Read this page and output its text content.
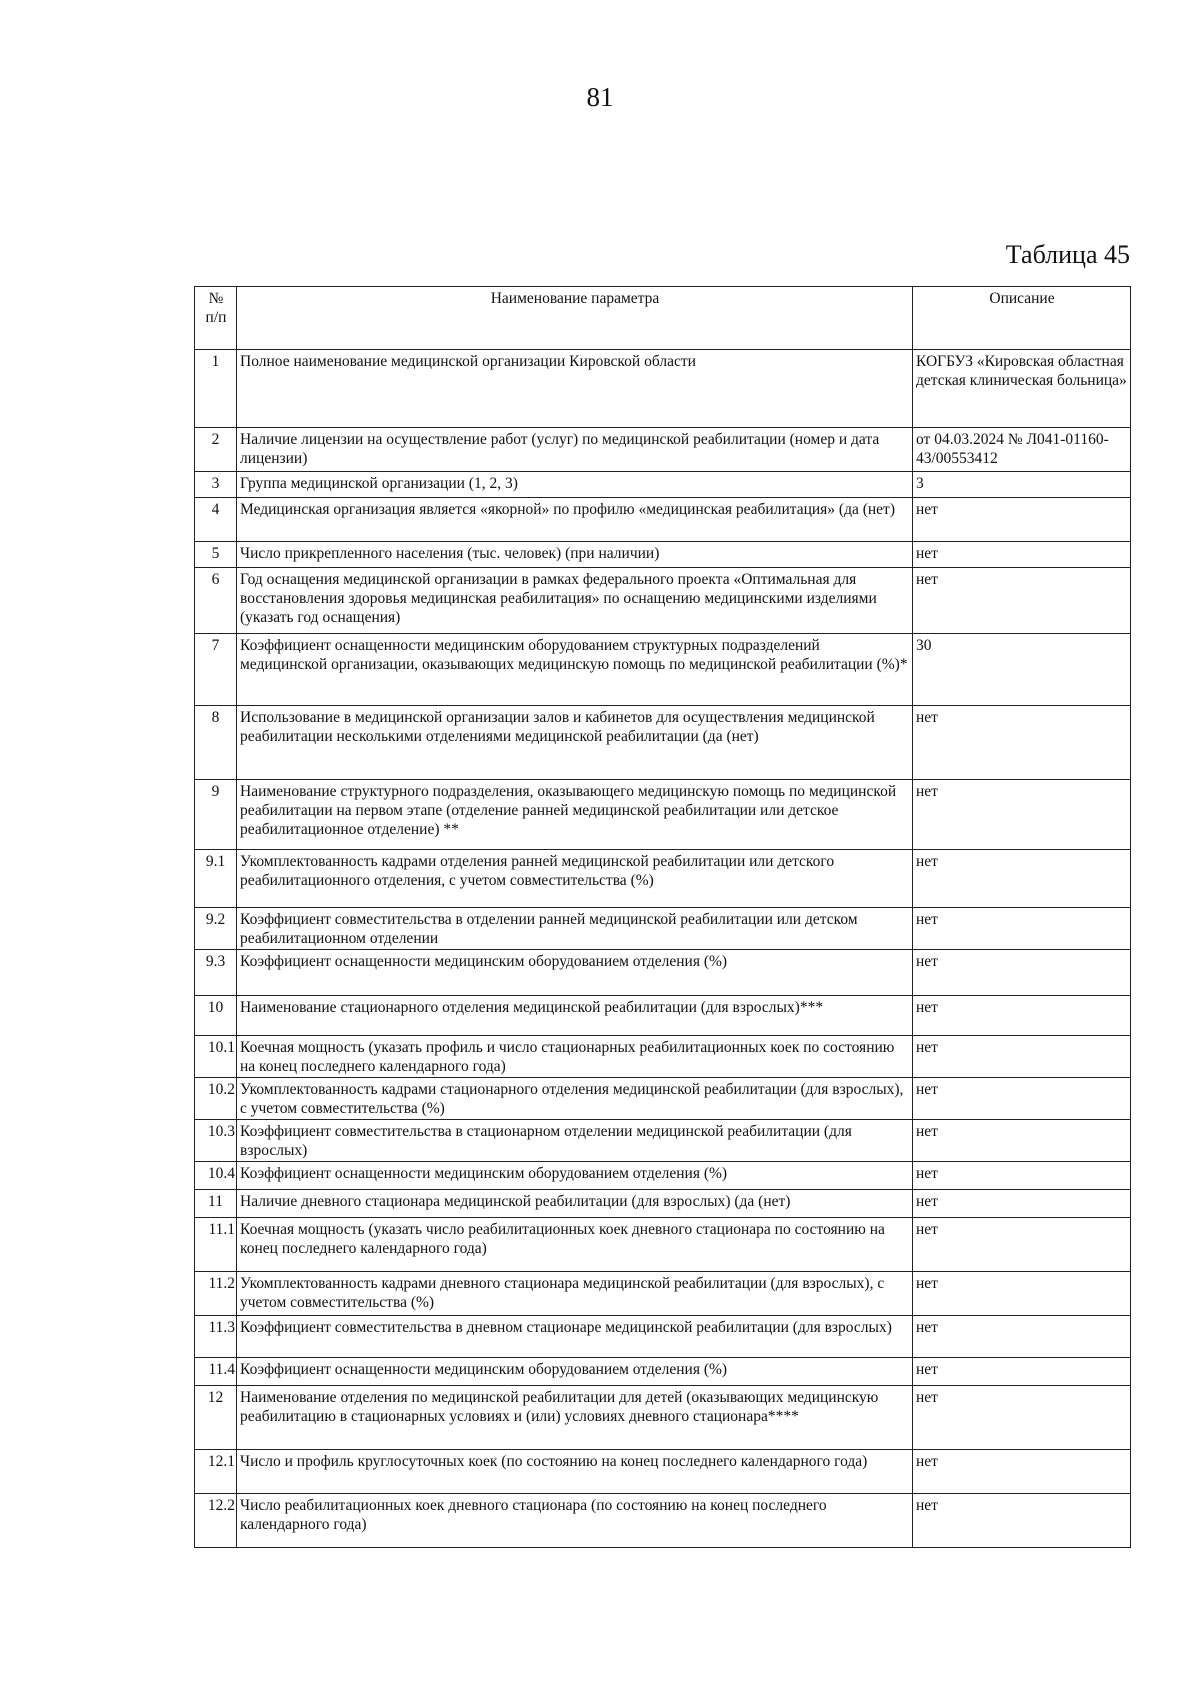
81
Таблица 45
№
п/п	Наименование параметра	Описание
1	Полное наименование медицинской организации Кировской области	КОГБУЗ «Кировская областная детская клиническая больница»
2	Наличие лицензии на осуществление работ (услуг) по медицинской реабилитации (номер и дата лицензии)	от 04.03.2024 № Л041-01160-43/00553412
3	Группа медицинской организации (1, 2, 3)	3
4	Медицинская организация является «якорной» по профилю «медицинская реабилитация» (да (нет)	нет
5	Число прикрепленного населения (тыс. человек) (при наличии)	нет
6	Год оснащения медицинской организации в рамках федерального проекта «Оптимальная для восстановления здоровья медицинская реабилитация» по оснащению медицинскими изделиями (указать год оснащения)	нет
7	Коэффициент оснащенности медицинским оборудованием структурных подразделений медицинской организации, оказывающих медицинскую помощь по медицинской реабилитации (%)*	30
8	Использование в медицинской организации залов и кабинетов для осуществления медицинской реабилитации несколькими отделениями медицинской реабилитации (да (нет)	нет
9	Наименование структурного подразделения, оказывающего медицинскую помощь по медицинской реабилитации на первом этапе (отделение ранней медицинской реабилитации или детское реабилитационное отделение) **	нет
9.1	Укомплектованность кадрами отделения ранней медицинской реабилитации или детского реабилитационного отделения, с учетом совместительства (%)	нет
9.2	Коэффициент совместительства в отделении ранней медицинской реабилитации или детском реабилитационном отделении	нет
9.3	Коэффициент оснащенности медицинским оборудованием отделения (%)	нет
10	Наименование стационарного отделения медицинской реабилитации (для взрослых)***	нет
10.1	Коечная мощность (указать профиль и число стационарных реабилитационных коек по состоянию на конец последнего календарного года)	нет
10.2	Укомплектованность кадрами стационарного отделения медицинской реабилитации (для взрослых), с учетом совместительства (%)	нет
10.3	Коэффициент совместительства в стационарном отделении медицинской реабилитации (для взрослых)	нет
10.4	Коэффициент оснащенности медицинским оборудованием отделения (%)	нет
11	Наличие дневного стационара медицинской реабилитации (для взрослых) (да (нет)	нет
11.1	Коечная мощность (указать число реабилитационных коек дневного стационара по состоянию на конец последнего календарного года)	нет
11.2	Укомплектованность кадрами дневного стационара медицинской реабилитации (для взрослых), с учетом совместительства (%)	нет
11.3	Коэффициент совместительства в дневном стационаре медицинской реабилитации (для взрослых)	нет
11.4	Коэффициент оснащенности медицинским оборудованием отделения (%)	нет
12	Наименование отделения по медицинской реабилитации для детей (оказывающих медицинскую реабилитацию в стационарных условиях и (или) условиях дневного стационара****	нет
12.1	Число и профиль круглосуточных коек (по состоянию на конец последнего календарного года)	нет
12.2	Число реабилитационных коек дневного стационара (по состоянию на конец последнего календарного года)	нет
